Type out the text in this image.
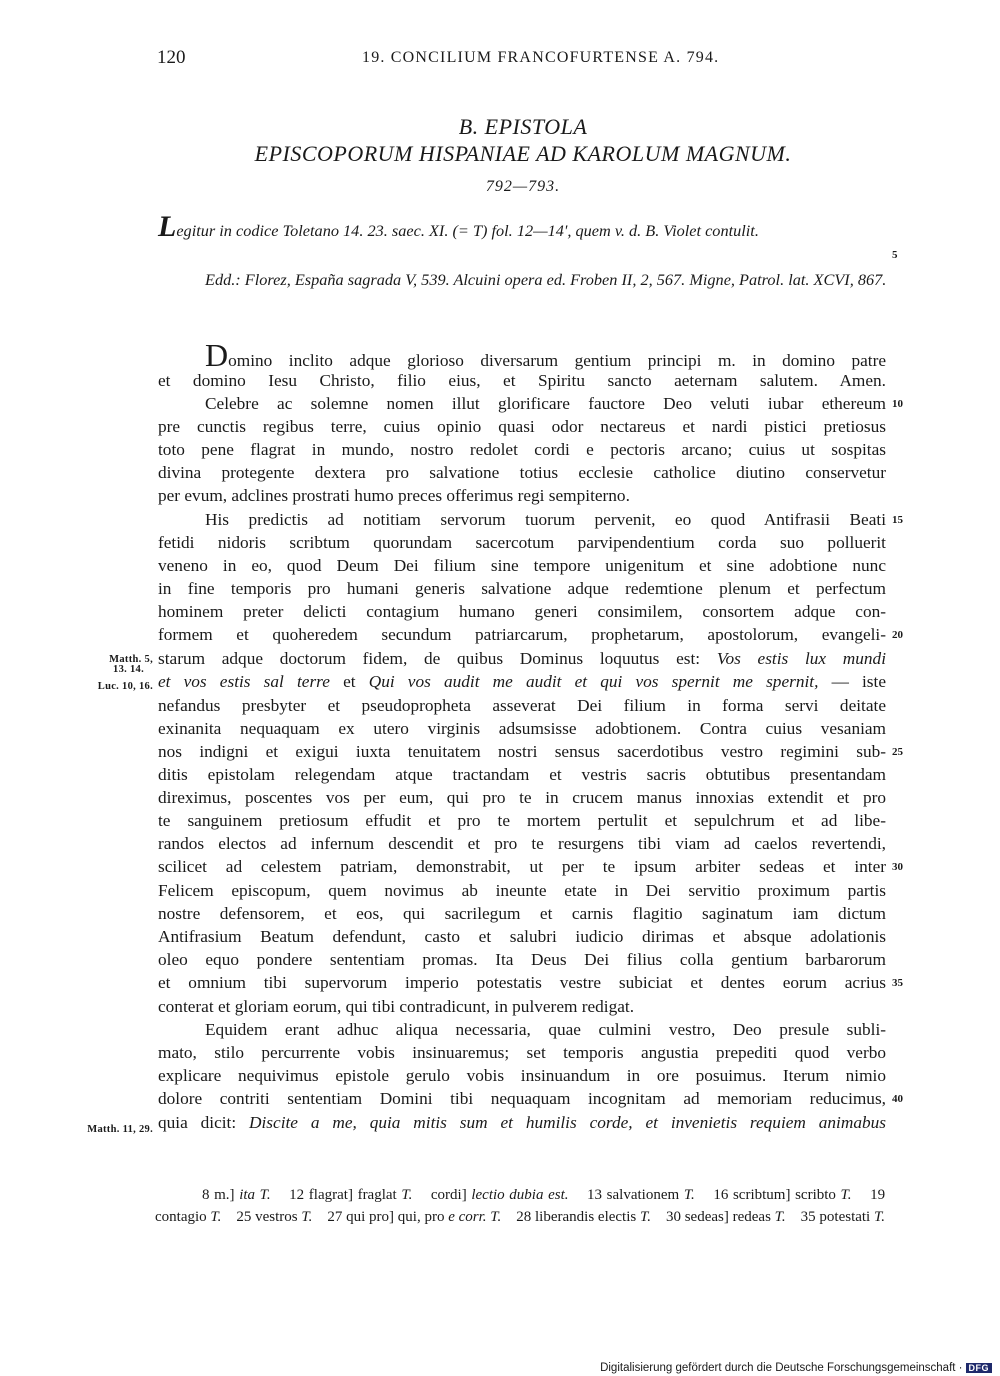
120	19. CONCILIUM FRANCOFURTENSE A. 794.
B. EPISTOLA
EPISCOPORUM HISPANIAE AD KAROLUM MAGNUM.
792—793.
Legitur in codice Toletano 14. 23. saec. XI. (= T) fol. 12—14', quem v. d. B. Violet contulit.
Edd.: Florez, España sagrada V, 539. Alcuini opera ed. Froben II, 2, 567. Migne, Patrol. lat. XCVI, 867.
Domino inclito adque glorioso diversarum gentium principi m. in domino patre
et domino Iesu Christo, filio eius, et Spiritu sancto aeternam salutem. Amen.
Celebre ac solemne nomen illut glorificare fauctore Deo veluti iubar ethereum
pre cunctis regibus terre, cuius opinio quasi odor nectareus et nardi pistici pretiosus
toto pene flagrat in mundo, nostro redolet cordi e pectoris arcano; cuius ut sospitas
divina protegente dextera pro salvatione totius ecclesie catholice diutino conservetur
per evum, adclines prostrati humo preces offerimus regi sempiterno.
His predictis ad notitiam servorum tuorum pervenit, eo quod Antifrasii Beati
fetidi nidoris scribtum quorundam sacercotum parvipendentium corda suo polluerit
veneno in eo, quod Deum Dei filium sine tempore unigenitum et sine adobtione nunc
in fine temporis pro humani generis salvatione adque redemtione plenum et perfectum
hominem preter delicti contagium humano generi consimilem, consortem adque con-
formem et quoheredem secundum patriarcarum, prophetarum, apostolorum, evangeli-
starum adque doctorum fidem, de quibus Dominus loquutus est: Vos estis lux mundi
et vos estis sal terre et Qui vos audit me audit et qui vos spernit me spernit, — iste
nefandus presbyter et pseudopropheta asseverat Dei filium in forma servi deitate
exinanita nequaquam ex utero virginis adsumsisse adobtionem. Contra cuius vesaniam
nos indigni et exigui iuxta tenuitatem nostri sensus sacerdotibus vestro regimini sub-
ditis epistolam relegendam atque tractandam et vestris sacris obtutibus presentandam
direximus, poscentes vos per eum, qui pro te in crucem manus innoxias extendit et pro
te sanguinem pretiosum effudit et pro te mortem pertulit et sepulchrum et ad libe-
randos electos ad infernum descendit et pro te resurgens tibi viam ad caelos revertendi,
scilicet ad celestem patriam, demonstrabit, ut per te ipsum arbiter sedeas et inter
Felicem episcopum, quem novimus ab ineunte etate in Dei servitio proximum partis
nostre defensorem, et eos, qui sacrilegum et carnis flagitio saginatum iam dictum
Antifrasium Beatum defendunt, casto et salubri iudicio dirimas et absque adolationis
oleo equo pondere sententiam promas. Ita Deus Dei filius colla gentium barbarorum
et omnium tibi supervorum imperio potestatis vestre subiciat et dentes eorum acrius
conterat et gloriam eorum, qui tibi contradicunt, in pulverem redigat.
Equidem erant adhuc aliqua necessaria, quae culmini vestro, Deo presule subli-
mato, stilo percurrente vobis insinuaremus; set temporis angustia prepediti quod verbo
explicare nequivimus epistole gerulo vobis insinuandum in ore posuimus. Iterum nimio
dolore contriti sententiam Domini tibi nequaquam incognitam ad memoriam reducimus,
quia dicit: Discite a me, quia mitis sum et humilis corde, et invenietis requiem animabus
5
10
15
20
25
30
35
40
Matth. 5,
13. 14.
Luc. 10, 16.
Matth. 11, 29.
8 m.] ita T. 12 flagrat] fraglat T. cordi] lectio dubia est. 13 salvationem T. 16 scribtum] scribto T. 19 contagio T. 25 vestros T. 27 qui pro] qui, pro e corr. T. 28 liberandis electis T. 30 sedeas] redeas T. 35 potestati T.
Digitalisierung gefördert durch die Deutsche Forschungsgemeinschaft · DFG
